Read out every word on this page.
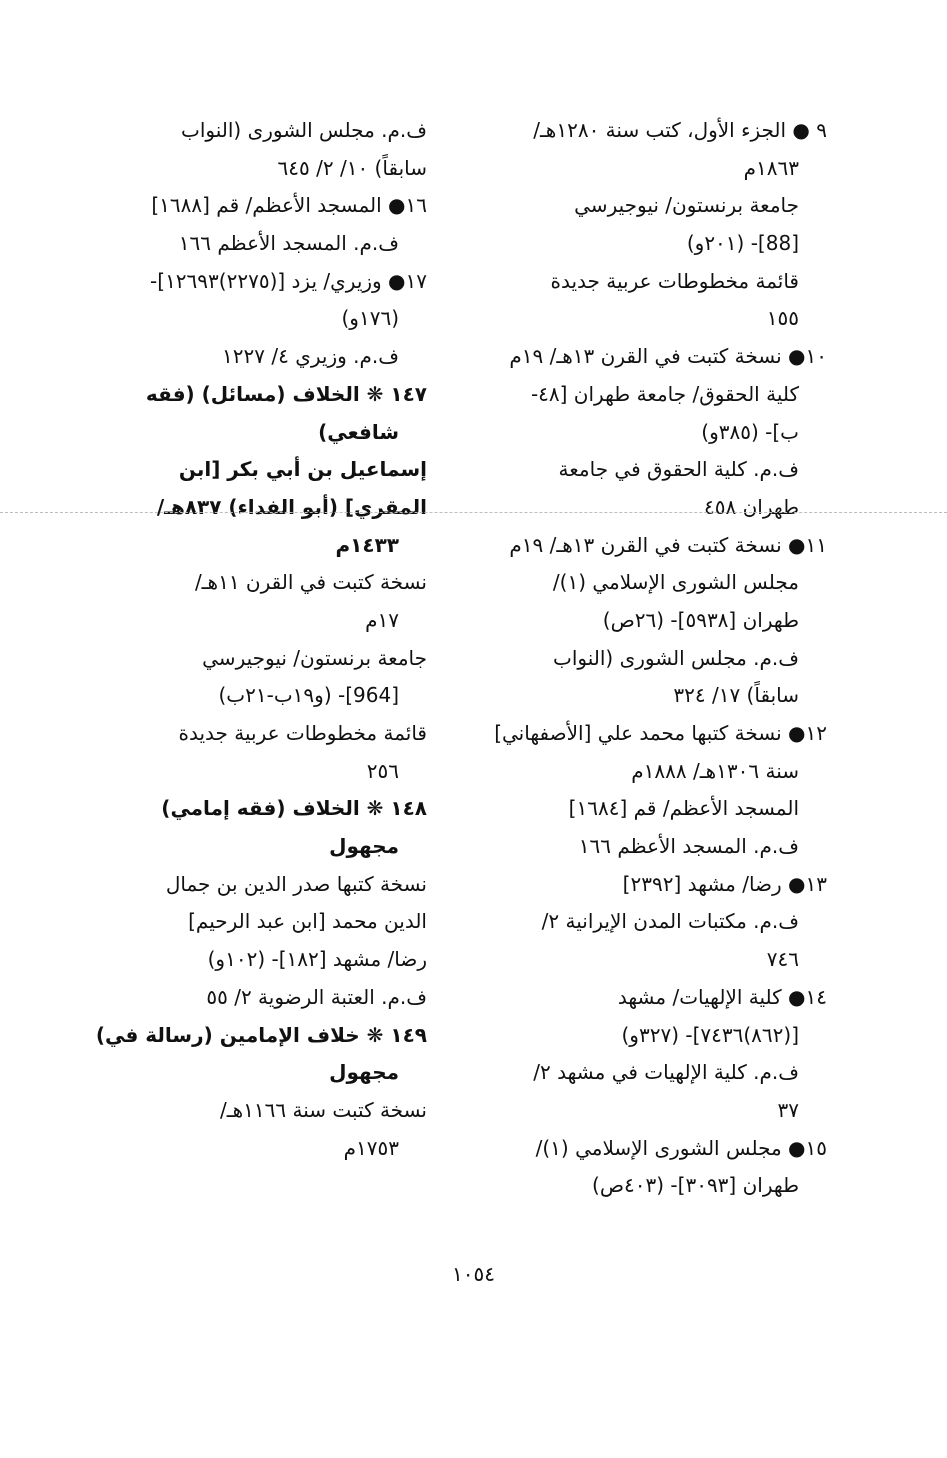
٩ ● الجزء الأول، كتب سنة ١٢٨٠هـ/
١٨٦٣م
جامعة برنستون/ نيوجيرسي
[88]- (٢٠١و)
قائمة مخطوطات عربية جديدة
١٥٥
١٠● نسخة كتبت في القرن ١٣هـ/ ١٩م
كلية الحقوق/ جامعة طهران [٤٨-
ب]- (٣٨٥و)
ف.م. كلية الحقوق في جامعة
طهران ٤٥٨
١١● نسخة كتبت في القرن ١٣هـ/ ١٩م
مجلس الشورى الإسلامي (١)/
طهران [٥٩٣٨]- (٢٦ص)
ف.م. مجلس الشورى (النواب
سابقاً) ١٧/ ٣٢٤
١٢● نسخة كتبها محمد علي [الأصفهاني]
سنة ١٣٠٦هـ/ ١٨٨٨م
المسجد الأعظم/ قم [١٦٨٤]
ف.م. المسجد الأعظم ١٦٦
١٣● رضا/ مشهد [٢٣٩٢]
ف.م. مكتبات المدن الإيرانية ٢/
٧٤٦
١٤● كلية الإلهيات/ مشهد
[(٨٦٢)٧٤٣٦]- (٣٢٧و)
ف.م. كلية الإلهيات في مشهد ٢/
٣٧
١٥● مجلس الشورى الإسلامي (١)/
طهران [٣٠٩٣]- (٤٠٣ص)
ف.م. مجلس الشورى (النواب
سابقاً) ١٠/ ٢/ ٦٤٥
١٦● المسجد الأعظم/ قم [١٦٨٨]
ف.م. المسجد الأعظم ١٦٦
١٧● وزيري/ يزد [(٢٢٧٥)١٢٦٩٣]-
(١٧٦و)
ف.م. وزيري ٤/ ١٢٢٧
١٤٧ ❋ الخلاف (مسائل) (فقه
شافعي)
إسماعيل بن أبي بكر [ابن
المقري] (أبو الفداء) ٨٣٧هـ/
١٤٣٣م
نسخة كتبت في القرن ١١هـ/
١٧م
جامعة برنستون/ نيوجيرسي
[964]- (و١٩ب-٢١ب)
قائمة مخطوطات عربية جديدة
٢٥٦
١٤٨ ❋ الخلاف (فقه إمامي)
مجهول
نسخة كتبها صدر الدين بن جمال
الدين محمد [ابن عبد الرحيم]
رضا/ مشهد [١٨٢]- (١٠٢و)
ف.م. العتبة الرضوية ٢/ ٥٥
١٤٩ ❋ خلاف الإمامين (رسالة في)
مجهول
نسخة كتبت سنة ١١٦٦هـ/
١٧٥٣م
١٠٥٤
